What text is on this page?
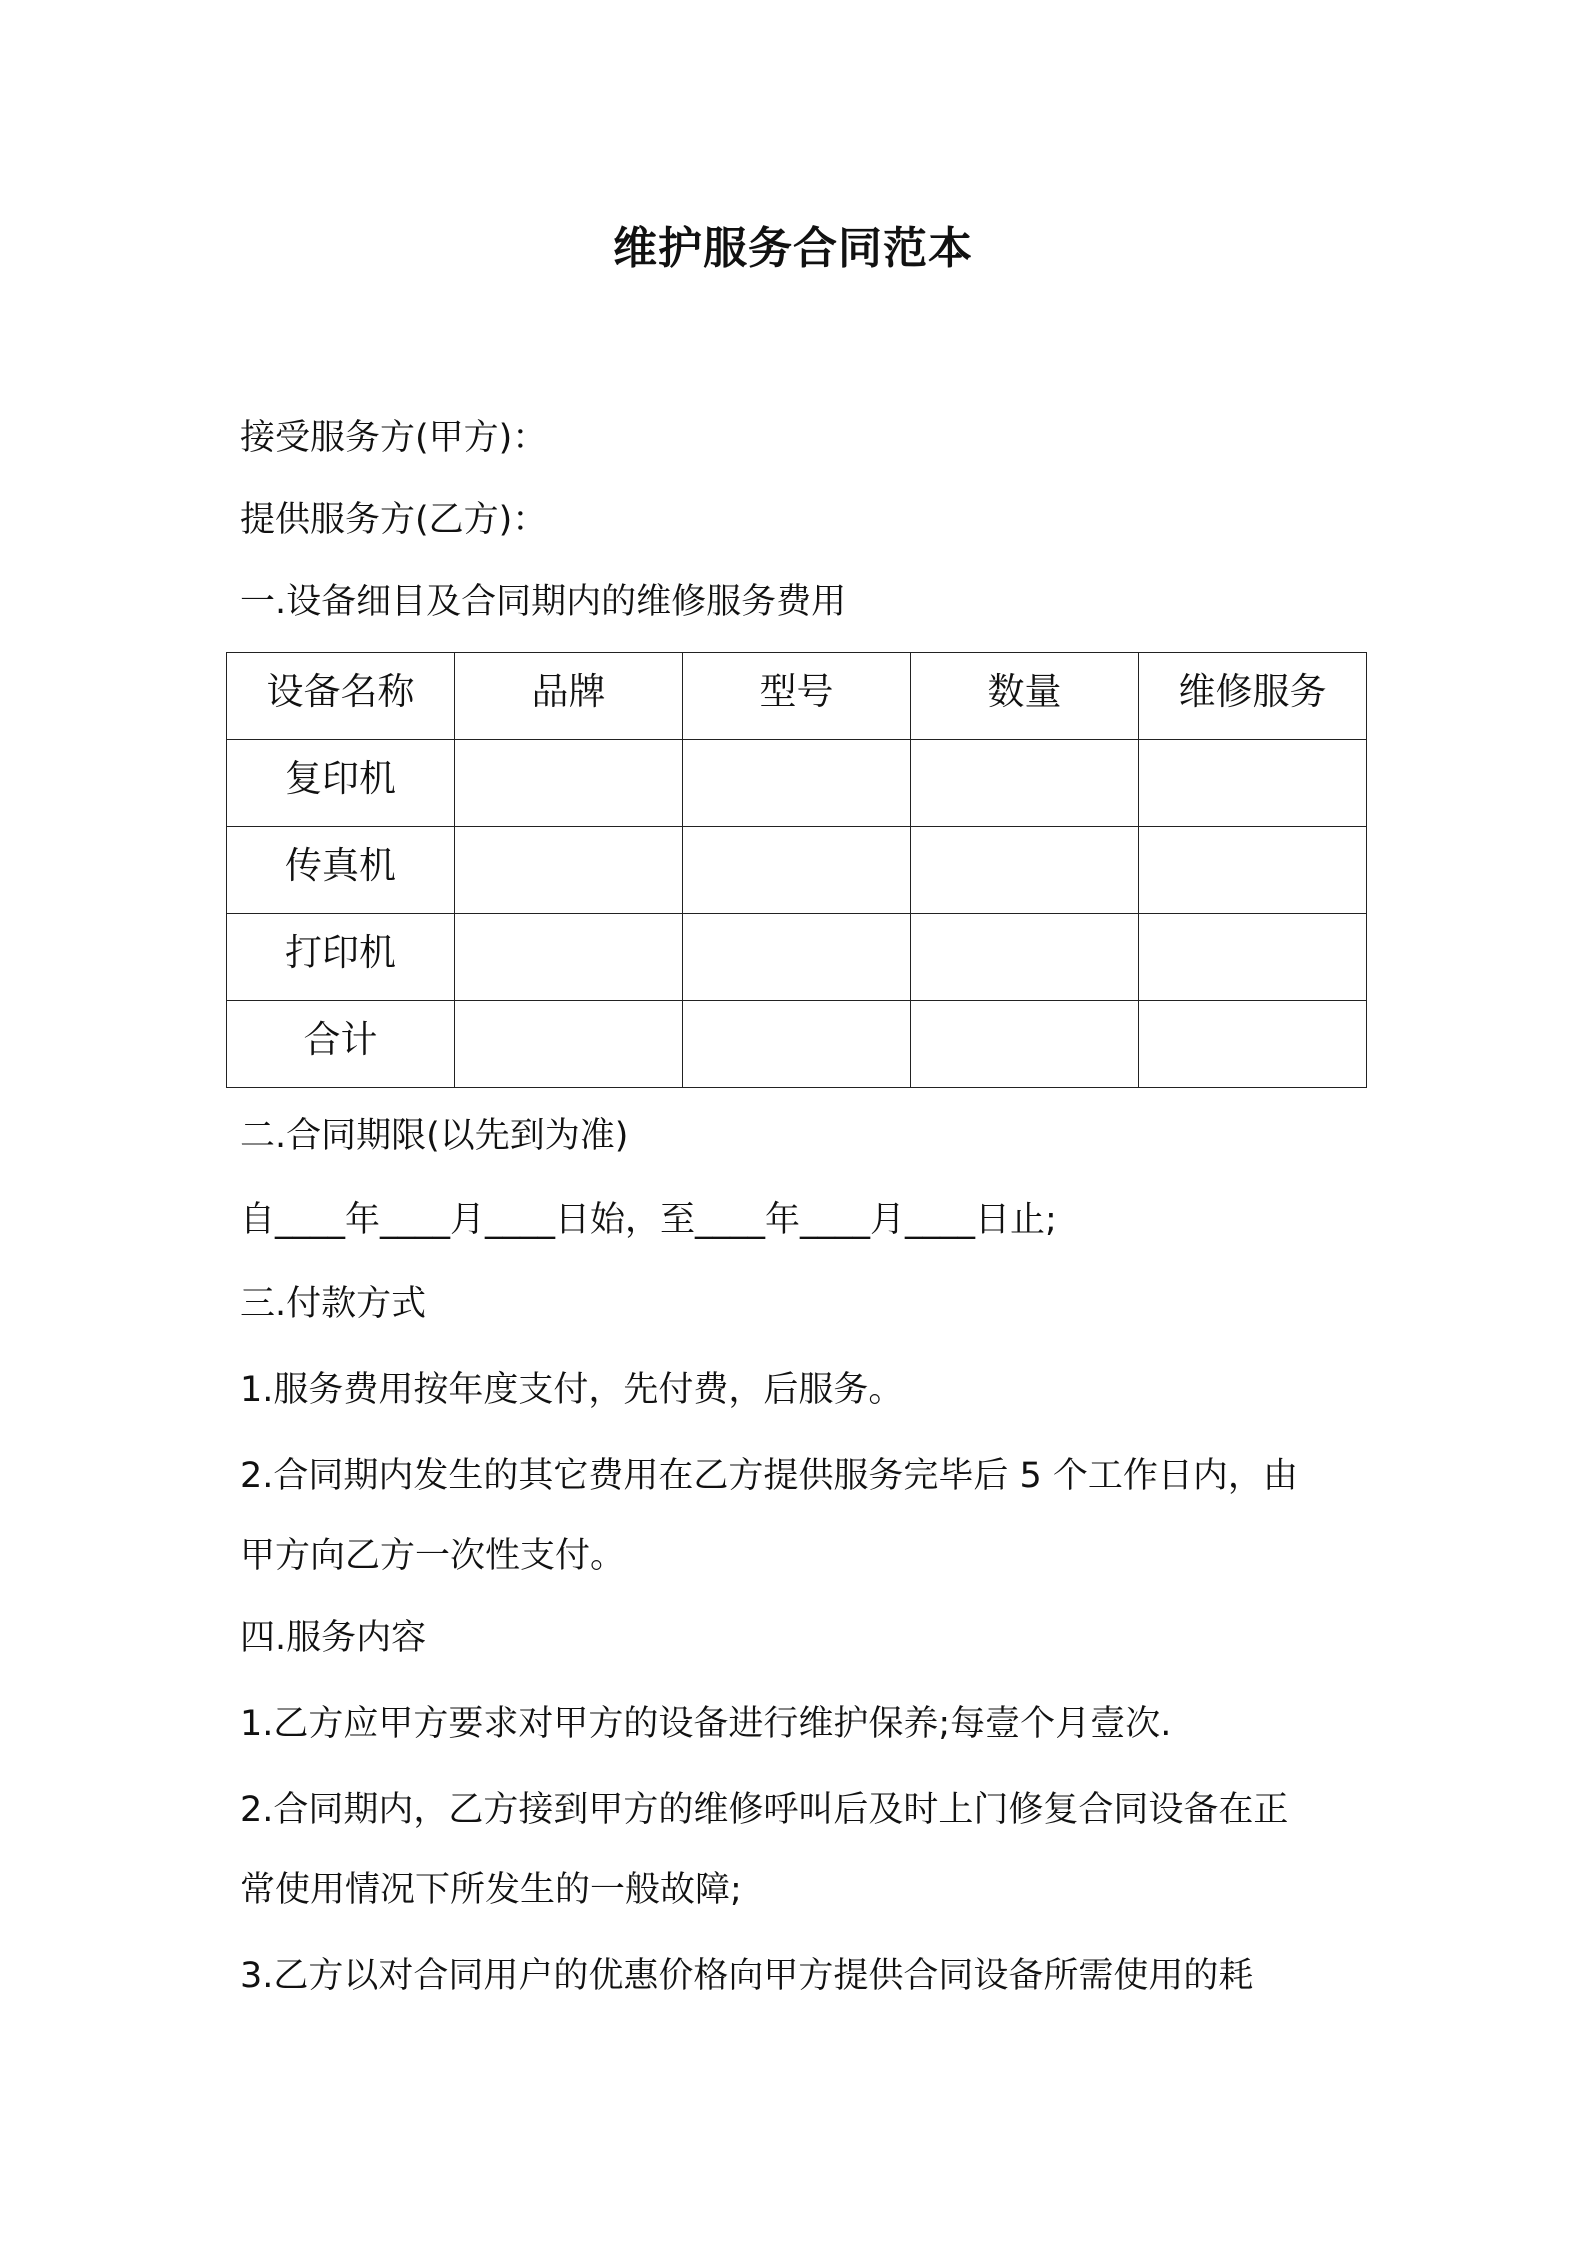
维护服务合同范本
接受服务方(甲方)：
提供服务方(乙方)：
一.设备细目及合同期内的维修服务费用
设备名称	品牌	型号	数量	维修服务
复印机				
传真机				
打印机				
合计				
二.合同期限(以先到为准)
自____年____月____日始，至____年____月____日止;
三.付款方式
1.服务费用按年度支付，先付费，后服务。
2.合同期内发生的其它费用在乙方提供服务完毕后 5 个工作日内，由
甲方向乙方一次性支付。
四.服务内容
1.乙方应甲方要求对甲方的设备进行维护保养;每壹个月壹次.
2.合同期内，乙方接到甲方的维修呼叫后及时上门修复合同设备在正
常使用情况下所发生的一般故障;
3.乙方以对合同用户的优惠价格向甲方提供合同设备所需使用的耗
